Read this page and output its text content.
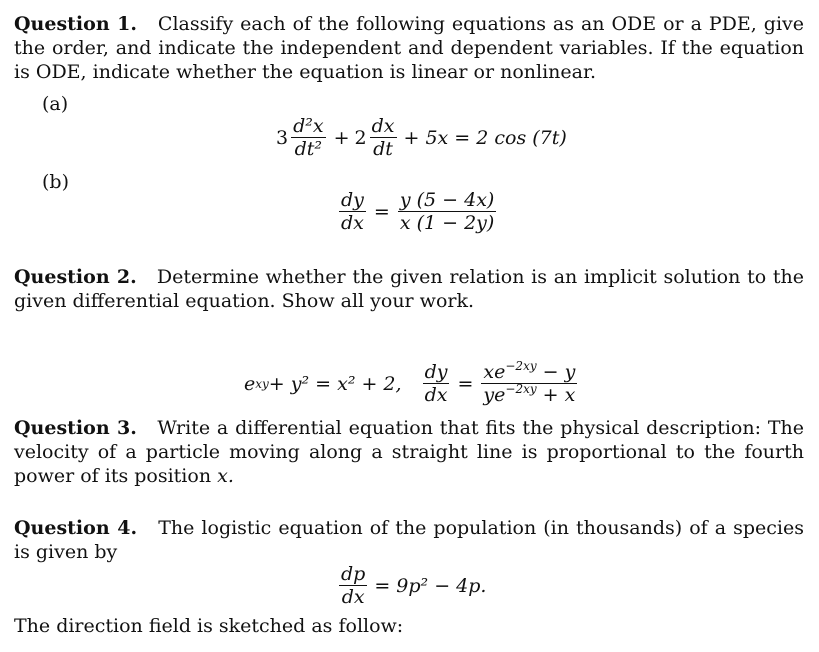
Question 1. Classify each of the following equations as an ODE or a PDE, give the order, and indicate the independent and dependent variables. If the equation is ODE, indicate whether the equation is linear or nonlinear.

(a)
$3 \frac{\text{d²x}}{\text{dt²}} + 2 \frac{dx}{dt} + 5x = 2$ cos (7t)
(b)
$\frac{dy}{dx} = \frac{y (5 - 4x)}{x (1 - 2y)}$

Question 2. Determine whether the given relation is an implicit solution to the given differential equation. Show all your work.

e xy + y² = x² + 2, $\frac{dy}{dx} = \frac{xe^{-2xy} - y}{ye^{-2xy} + x}$

Question 3. Write a differential equation that fits the physical description: The velocity of a particle moving along a straight line is proportional to the fourth power of its position x.

Question 4. The logistic equation of the population (in thousands) of a species is given by

$\frac{dp}{dx} = 9p^2 - 4p$.

The direction field is sketched as follow:
